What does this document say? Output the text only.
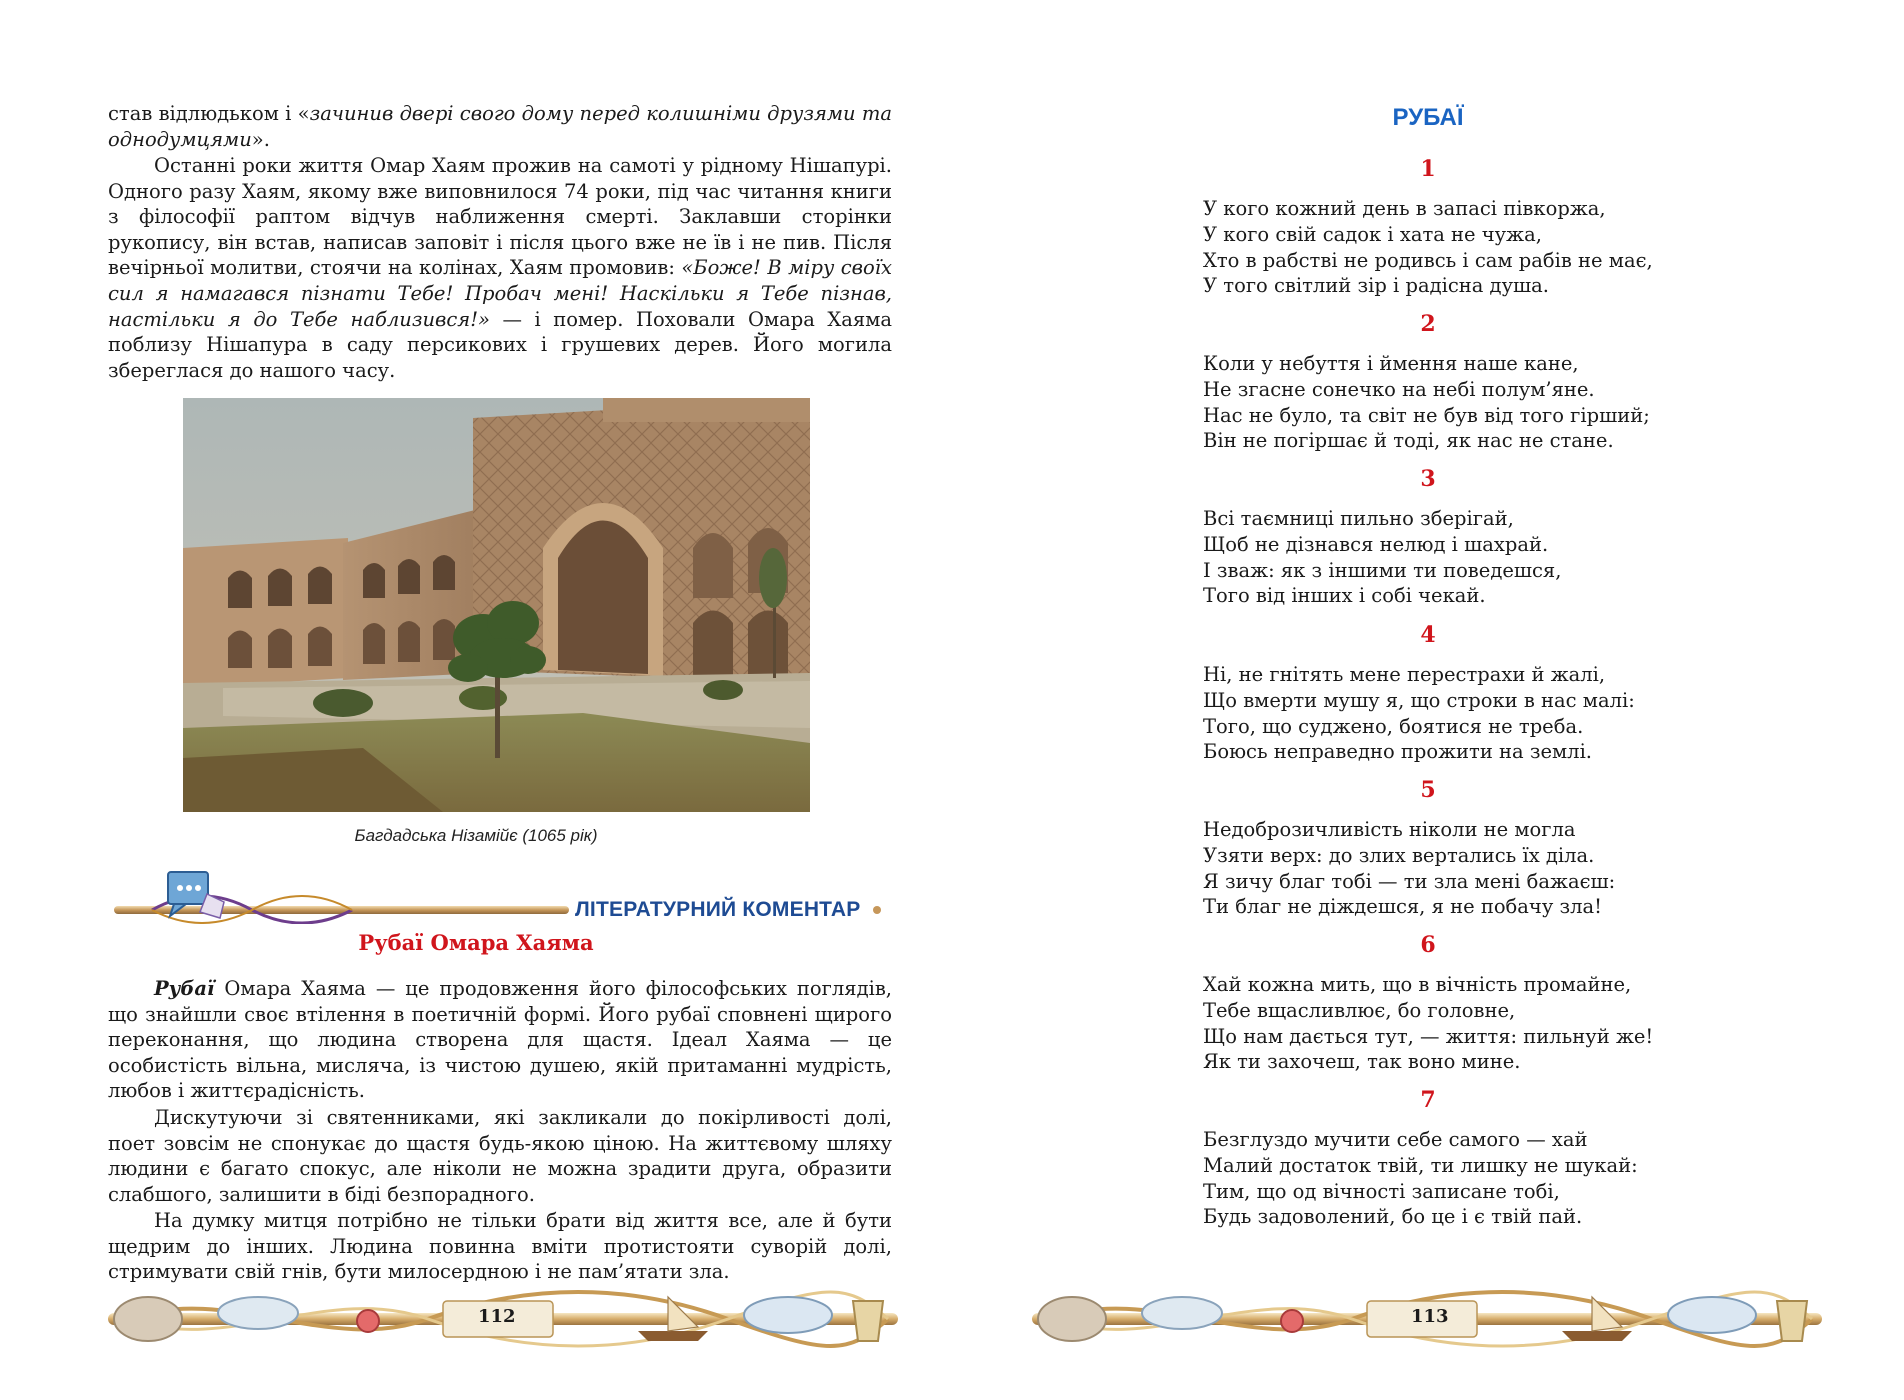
став відлюдьком і «зачинив двері свого дому перед колишніми друзями та однодумцями».

Останні роки життя Омар Хаям прожив на самоті у рідному Нішапурі. Одного разу Хаям, якому вже виповнилося 74 роки, під час читання книги з філософії раптом відчув наближення смерті. Заклавши сторінки рукопису, він встав, написав заповіт і після цього вже не їв і не пив. Після вечірньої молитви, стоячи на колінах, Хаям промовив: «Боже! В міру своїх сил я намагався пізнати Тебе! Пробач мені! Наскільки я Тебе пізнав, настільки я до Тебе наблизився!» — і помер. Поховали Омара Хаяма поблизу Нішапура в саду персикових і грушевих дерев. Його могила збереглася до нашого часу.

Багдадська Нізамійє (1065 рік)
ЛІТЕРАТУРНИЙ КОМЕНТАР
Рубаї Омара Хаяма

Рубаї Омара Хаяма — це продовження його філософських поглядів, що знайшли своє втілення в поетичній формі. Його рубаї сповнені щирого переконання, що людина створена для щастя. Ідеал Хаяма — це особистість вільна, мисляча, із чистою душею, якій притаманні мудрість, любов і життєрадісність.

Дискутуючи зі святенниками, які закликали до покірливості долі, поет зовсім не спонукає до щастя будь-якою ціною. На життєвому шляху людини є багато спокус, але ніколи не можна зрадити друга, образити слабшого, залишити в біді безпорадного.

На думку митця потрібно не тільки брати від життя все, але й бути щедрим до інших. Людина повинна вміти протистояти суворій долі, стримувати свій гнів, бути милосердною і не пам’ятати зла.

112
РУБАЇ
1
У кого кожний день в запасі півкоржа,
У кого свій садок і хата не чужа,
Хто в рабстві не родивсь і сам рабів не має,
У того світлий зір і радісна душа.
2
Коли у небуття і ймення наше кане,
Не згасне сонечко на небі полум’яне.
Нас не було, та світ не був від того гірший;
Він не погіршає й тоді, як нас не стане.
3
Всі таємниці пильно зберігай,
Щоб не дізнався нелюд і шахрай.
І зваж: як з іншими ти поведешся,
Того від інших і собі чекай.
4
Ні, не гнітять мене перестрахи й жалі,
Що вмерти мушу я, що строки в нас малі:
Того, що суджено, боятися не треба.
Боюсь неправедно прожити на землі.
5
Недоброзичливість ніколи не могла
Узяти верх: до злих вертались їх діла.
Я зичу благ тобі — ти зла мені бажаєш:
Ти благ не діждешся, я не побачу зла!
6
Хай кожна мить, що в вічність промайне,
Тебе вщасливлює, бо головне,
Що нам дається тут, — життя: пильнуй же!
Як ти захочеш, так воно мине.
7
Безглуздо мучити себе самого — хай
Малий достаток твій, ти лишку не шукай:
Тим, що од вічності записане тобі,
Будь задоволений, бо це і є твій пай.
113
